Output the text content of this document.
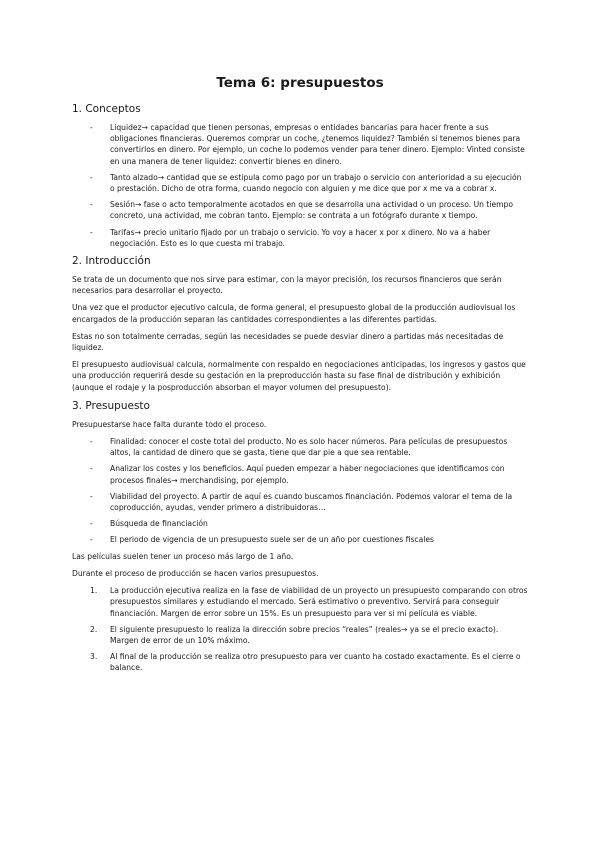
Tema 6: presupuestos
1. Conceptos
- Liquidez→ capacidad que tienen personas, empresas o entidades bancarias para hacer frente a sus obligaciones financieras. Queremos comprar un coche, ¿tenemos liquidez? También si tenemos bienes para convertirlos en dinero. Por ejemplo, un coche lo podemos vender para tener dinero. Ejemplo: Vinted consiste en una manera de tener liquidez: convertir bienes en dinero.
- Tanto alzado→ cantidad que se estipula como pago por un trabajo o servicio con anterioridad a su ejecución o prestación. Dicho de otra forma, cuando negocio con alguien y me dice que por x me va a cobrar x.
- Sesión→ fase o acto temporalmente acotados en que se desarrolla una actividad o un proceso. Un tiempo concreto, una actividad, me cobran tanto. Ejemplo: se contrata a un fotógrafo durante x tiempo.
- Tarifas→ precio unitario fijado por un trabajo o servicio. Yo voy a hacer x por x dinero. No va a haber negociación. Esto es lo que cuesta mi trabajo.
2. Introducción

Se trata de un documento que nos sirve para estimar, con la mayor precisión, los recursos financieros que serán necesarios para desarrollar el proyecto.

Una vez que el productor ejecutivo calcula, de forma general, el presupuesto global de la producción audiovisual los encargados de la producción separan las cantidades correspondientes a las diferentes partidas.

Estas no son totalmente cerradas, según las necesidades se puede desviar dinero a partidas más necesitadas de liquidez.

El presupuesto audiovisual calcula, normalmente con respaldo en negociaciones anticipadas, los ingresos y gastos que una producción requerirá desde su gestación en la preproducción hasta su fase final de distribución y exhibición (aunque el rodaje y la posproducción absorban el mayor volumen del presupuesto).

3. Presupuesto

Presupuestarse hace falta durante todo el proceso.

- Finalidad: conocer el coste total del producto. No es solo hacer números. Para películas de presupuestos altos, la cantidad de dinero que se gasta, tiene que dar pie a que sea rentable.
- Analizar los costes y los beneficios. Aquí pueden empezar a haber negociaciones que identificamos con procesos finales→ merchandising, por ejemplo.
- Viabilidad del proyecto. A partir de aquí es cuando buscamos financiación. Podemos valorar el tema de la coproducción, ayudas, vender primero a distribuidoras…
- Búsqueda de financiación
- El periodo de vigencia de un presupuesto suele ser de un año por cuestiones fiscales

Las películas suelen tener un proceso más largo de 1 año.

Durante el proceso de producción se hacen varios presupuestos.

1. La producción ejecutiva realiza en la fase de viabilidad de un proyecto un presupuesto comparando con otros presupuestos similares y estudiando el mercado. Será estimativo o preventivo. Servirá para conseguir financiación. Margen de error sobre un 15%. Es un presupuesto para ver si mi película es viable.
2. El siguiente presupuesto lo realiza la dirección sobre precios “reales” (reales→ ya se el precio exacto). Margen de error de un 10% máximo.
3. Al final de la producción se realiza otro presupuesto para ver cuanto ha costado exactamente. Es el cierre o balance.
